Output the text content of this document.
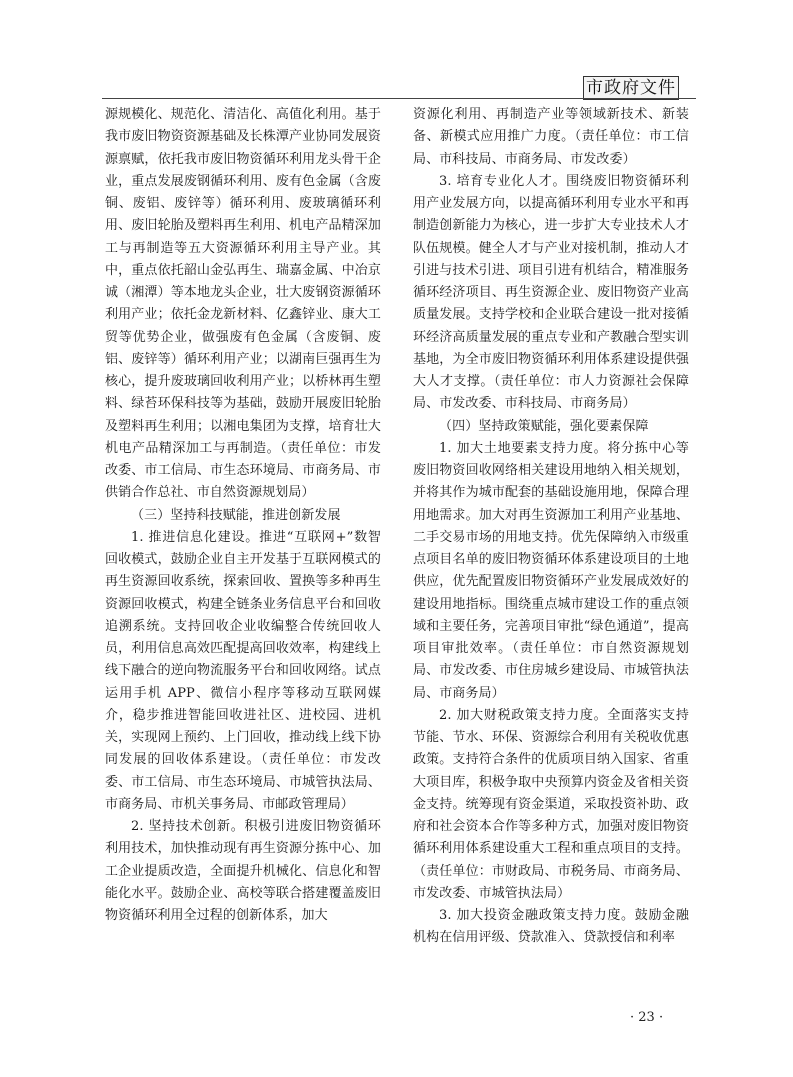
市政府文件

源规模化、规范化、清洁化、高值化利用。基于我市废旧物资资源基础及长株潭产业协同发展资源禀赋，依托我市废旧物资循环利用龙头骨干企业，重点发展废钢循环利用、废有色金属（含废铜、废铝、废锌等）循环利用、废玻璃循环利用、废旧轮胎及塑料再生利用、机电产品精深加工与再制造等五大资源循环利用主导产业。其中，重点依托韶山金弘再生、瑞嘉金属、中冶京诚（湘潭）等本地龙头企业，壮大废钢资源循环利用产业；依托金龙新材料、亿鑫锌业、康大工贸等优势企业，做强废有色金属（含废铜、废铝、废锌等）循环利用产业；以湖南巨强再生为核心，提升废玻璃回收利用产业；以桥林再生塑料、绿苔环保科技等为基础，鼓励开展废旧轮胎及塑料再生利用；以湘电集团为支撑，培育壮大机电产品精深加工与再制造。（责任单位：市发改委、市工信局、市生态环境局、市商务局、市供销合作总社、市自然资源规划局）

（三）坚持科技赋能，推进创新发展

1. 推进信息化建设。推进“互联网+”数智回收模式，鼓励企业自主开发基于互联网模式的再生资源回收系统，探索回收、置换等多种再生资源回收模式，构建全链条业务信息平台和回收追溯系统。支持回收企业收编整合传统回收人员，利用信息高效匹配提高回收效率，构建线上线下融合的逆向物流服务平台和回收网络。试点运用手机 APP、微信小程序等移动互联网媒介，稳步推进智能回收进社区、进校园、进机关，实现网上预约、上门回收，推动线上线下协同发展的回收体系建设。（责任单位：市发改委、市工信局、市生态环境局、市城管执法局、市商务局、市机关事务局、市邮政管理局）

2. 坚持技术创新。积极引进废旧物资循环利用技术，加快推动现有再生资源分拣中心、加工企业提质改造，全面提升机械化、信息化和智能化水平。鼓励企业、高校等联合搭建覆盖废旧物资循环利用全过程的创新体系，加大

资源化利用、再制造产业等领域新技术、新装备、新模式应用推广力度。（责任单位：市工信局、市科技局、市商务局、市发改委）

3. 培育专业化人才。围绕废旧物资循环利用产业发展方向，以提高循环利用专业水平和再制造创新能力为核心，进一步扩大专业技术人才队伍规模。健全人才与产业对接机制，推动人才引进与技术引进、项目引进有机结合，精准服务循环经济项目、再生资源企业、废旧物资产业高质量发展。支持学校和企业联合建设一批对接循环经济高质量发展的重点专业和产教融合型实训基地，为全市废旧物资循环利用体系建设提供强大人才支撑。（责任单位：市人力资源社会保障局、市发改委、市科技局、市商务局）

（四）坚持政策赋能，强化要素保障

1. 加大土地要素支持力度。将分拣中心等废旧物资回收网络相关建设用地纳入相关规划，并将其作为城市配套的基础设施用地，保障合理用地需求。加大对再生资源加工利用产业基地、二手交易市场的用地支持。优先保障纳入市级重点项目名单的废旧物资循环体系建设项目的土地供应，优先配置废旧物资循环产业发展成效好的建设用地指标。围绕重点城市建设工作的重点领域和主要任务，完善项目审批“绿色通道”，提高项目审批效率。（责任单位：市自然资源规划局、市发改委、市住房城乡建设局、市城管执法局、市商务局）

2. 加大财税政策支持力度。全面落实支持节能、节水、环保、资源综合利用有关税收优惠政策。支持符合条件的优质项目纳入国家、省重大项目库，积极争取中央预算内资金及省相关资金支持。统筹现有资金渠道，采取投资补助、政府和社会资本合作等多种方式，加强对废旧物资循环利用体系建设重大工程和重点项目的支持。（责任单位：市财政局、市税务局、市商务局、市发改委、市城管执法局）

3. 加大投资金融政策支持力度。鼓励金融机构在信用评级、贷款准入、贷款授信和利率

· 23 ·
